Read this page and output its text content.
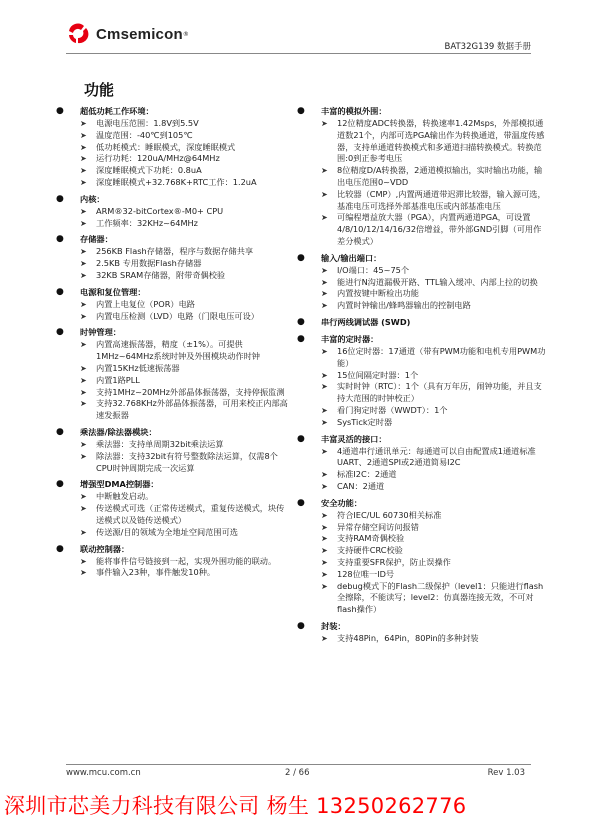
Cmsemicon ®
BAT32G139 数据手册
功能
● 超低功耗工作环境：
➤ 电源电压范围：1.8V到5.5V
➤ 温度范围：-40℃到105℃
➤ 低功耗模式：睡眠模式，深度睡眠模式
➤ 运行功耗：120uA/MHz@64MHz
➤ 深度睡眠模式下功耗：0.8uA
➤ 深度睡眠模式+32.768K+RTC工作：1.2uA
● 内核：
➤ ARM®32-bitCortex®-M0+ CPU
➤ 工作频率：32KHz~64MHz
● 存储器：
➤ 256KB Flash存储器，程序与数据存储共享
➤ 2.5KB 专用数据Flash存储器
➤ 32KB SRAM存储器，附带奇偶校验
● 电源和复位管理：
➤ 内置上电复位（POR）电路
➤ 内置电压检测（LVD）电路（门限电压可设）
● 时钟管理：
➤ 内置高速振荡器，精度（±1%）。可提供1MHz~64MHz系统时钟及外围模块动作时钟
➤ 内置15KHz低速振荡器
➤ 内置1路PLL
➤ 支持1MHz~20MHz外部晶体振荡器，支持停振监测
➤ 支持32.768KHz外部晶体振荡器，可用来校正内部高速发振器
● 乘法器/除法器模块：
➤ 乘法器：支持单周期32bit乘法运算
➤ 除法器：支持32bit有符号整数除法运算，仅需8个CPU时钟周期完成一次运算
● 增强型DMA控制器：
➤ 中断触发启动。
➤ 传送模式可选（正常传送模式，重复传送模式，块传送模式以及链传送模式）
➤ 传送源/目的领域为全地址空间范围可选
● 联动控制器：
➤ 能将事件信号链接到一起，实现外围功能的联动。
➤ 事件输入23种，事件触发10种。
● 丰富的模拟外围：
➤ 12位精度ADC转换器，转换速率1.42Msps，外部模拟通道数21个，内部可选PGA输出作为转换通道，带温度传感器，支持单通道转换模式和多通道扫描转换模式。转换范围:0到正参考电压
➤ 8位精度D/A转换器，2通道模拟输出，实时输出功能，输出电压范围0~VDD
➤ 比较器（CMP）,内置两通道带迟滞比较器，输入源可选，基准电压可选择外部基准电压或内部基准电压
➤ 可编程增益放大器（PGA），内置两通道PGA，可设置4/8/10/12/14/16/32倍增益，带外部GND引脚（可用作差分模式）
● 输入/输出端口：
➤ I/O端口：45~75个
➤ 能进行N沟道漏极开路、TTL输入缓冲、内部上拉的切换
➤ 内置按键中断检出功能
➤ 内置时钟输出/蜂鸣器输出的控制电路
● 串行两线调试器 (SWD)
● 丰富的定时器：
➤ 16位定时器：17通道（带有PWM功能和电机专用PWM功能）
➤ 15位间隔定时器：1个
➤ 实时时钟（RTC）：1个（具有万年历，闹钟功能，并且支持大范围的时钟校正）
➤ 看门狗定时器（WWDT）：1个
➤ SysTick定时器
● 丰富灵活的接口：
➤ 4通道串行通讯单元：每通道可以自由配置成1通道标准UART、2通道SPI或2通道简易I2C
➤ 标准I2C：2通道
➤ CAN：2通道
● 安全功能：
➤ 符合IEC/UL 60730相关标准
➤ 异常存储空间访问报错
➤ 支持RAM奇偶校验
➤ 支持硬件CRC校验
➤ 支持重要SFR保护，防止误操作
➤ 128位唯一ID号
➤ debug模式下的Flash二级保护（level1：只能进行flash全擦除，不能读写；level2：仿真器连接无效，不可对flash操作）
● 封装：
➤ 支持48Pin，64Pin，80Pin的多种封装
www.mcu.com.cn	2 / 66	Rev 1.03
深圳市芯美力科技有限公司 杨生 13250262776
